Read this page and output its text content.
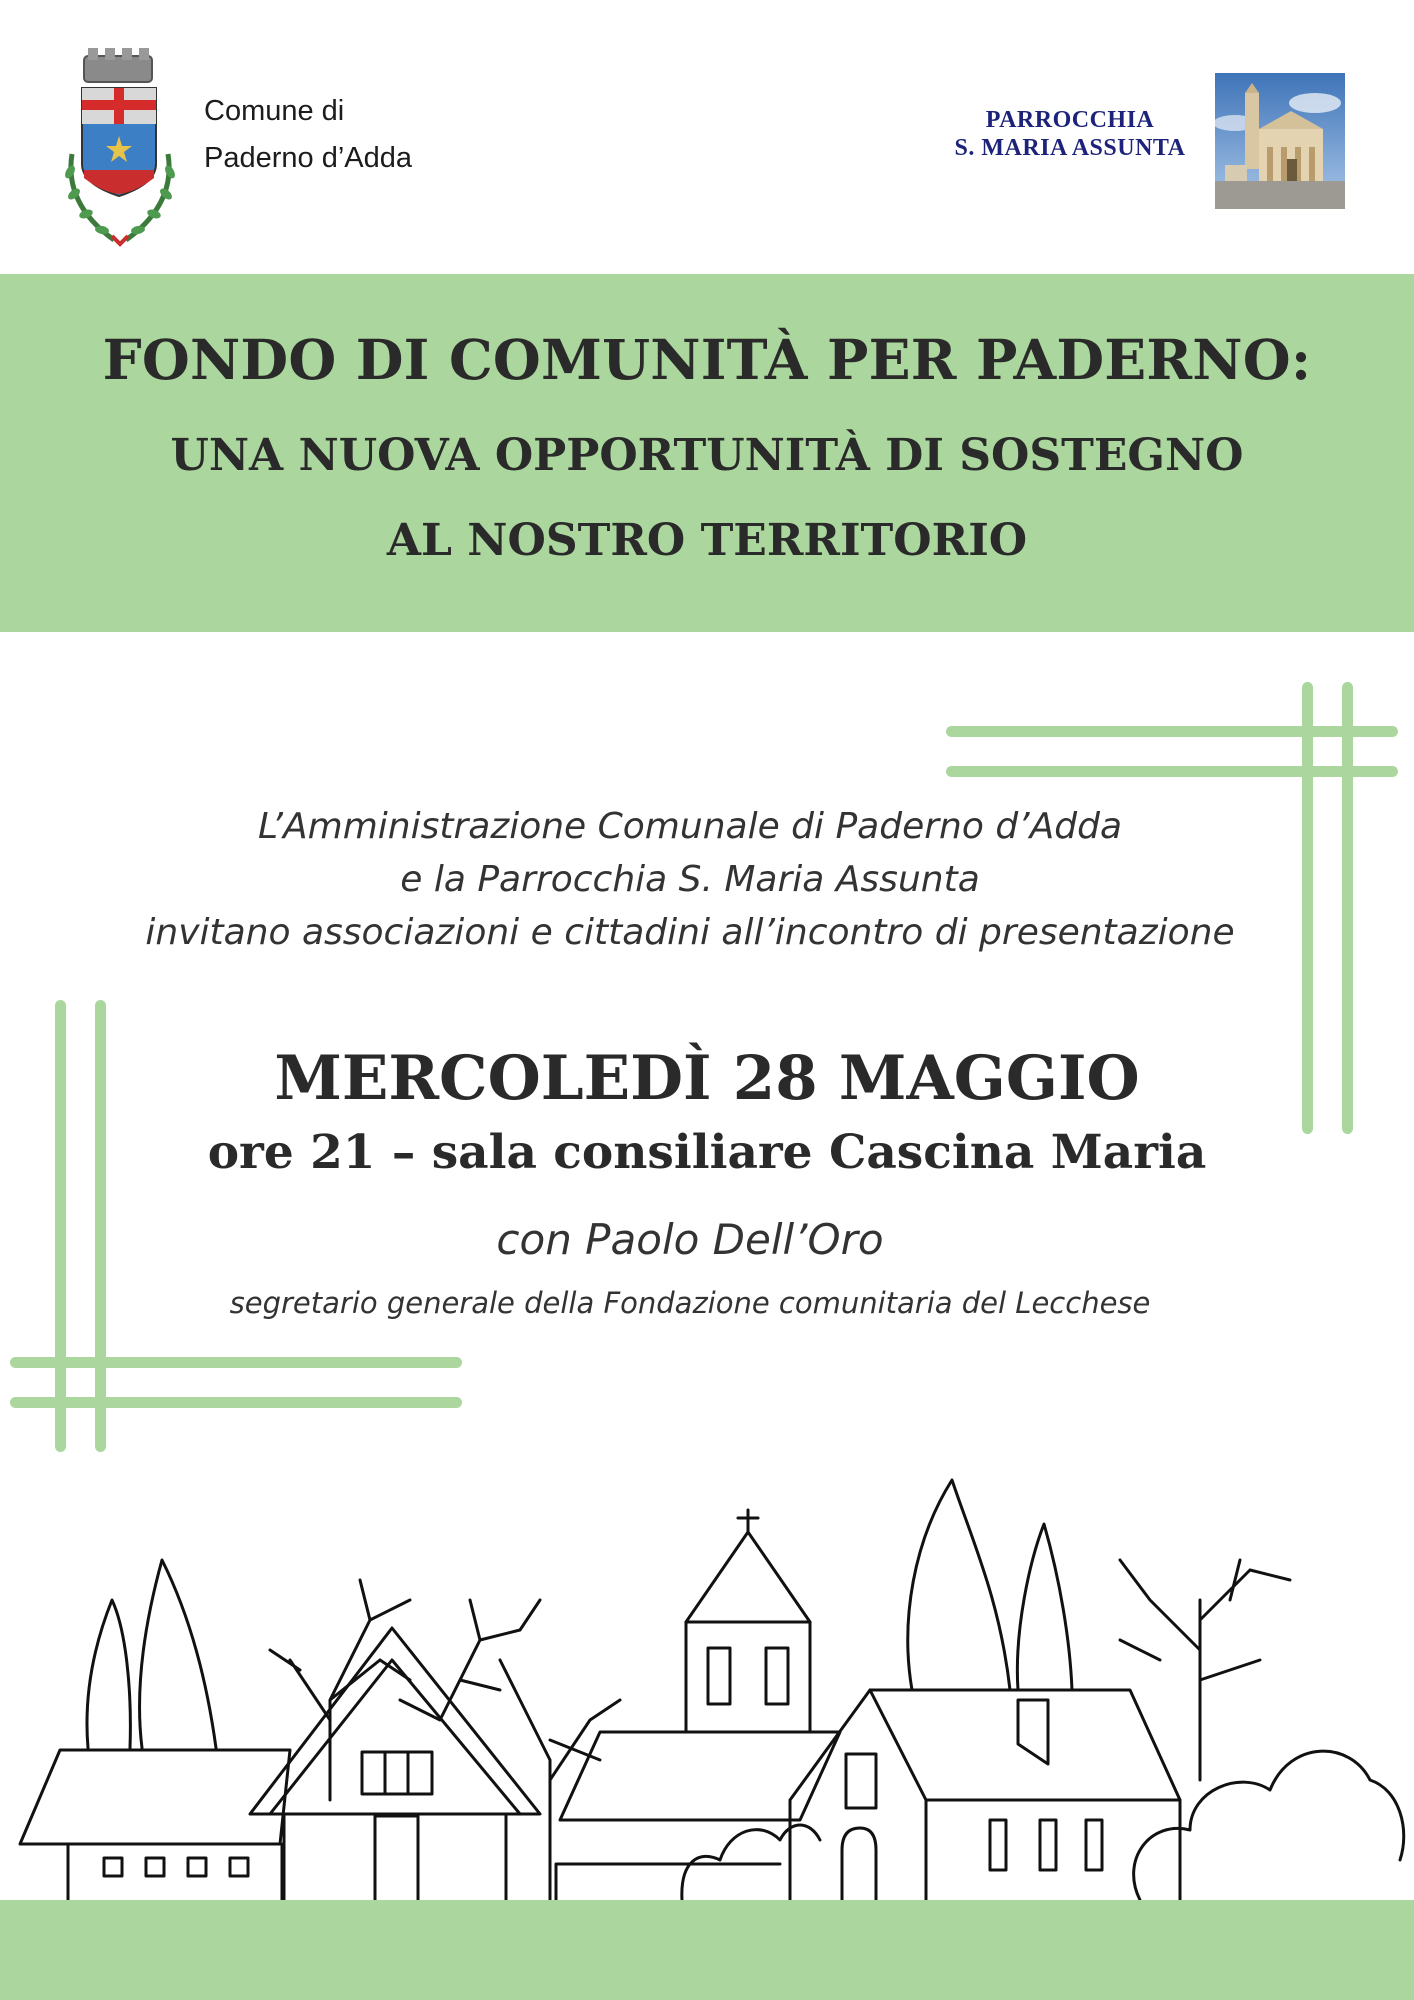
Comune di
Paderno d’Adda
PARROCCHIA
S. MARIA ASSUNTA
FONDO DI COMUNITÀ PER PADERNO:
UNA NUOVA OPPORTUNITÀ DI SOSTEGNO
AL NOSTRO TERRITORIO
L’Amministrazione Comunale di Paderno d’Adda
e la Parrocchia S. Maria Assunta
invitano associazioni e cittadini all’incontro di presentazione
MERCOLEDÌ 28 MAGGIO
ore 21 – sala consiliare Cascina Maria
con Paolo Dell’Oro
segretario generale della Fondazione comunitaria del Lecchese
